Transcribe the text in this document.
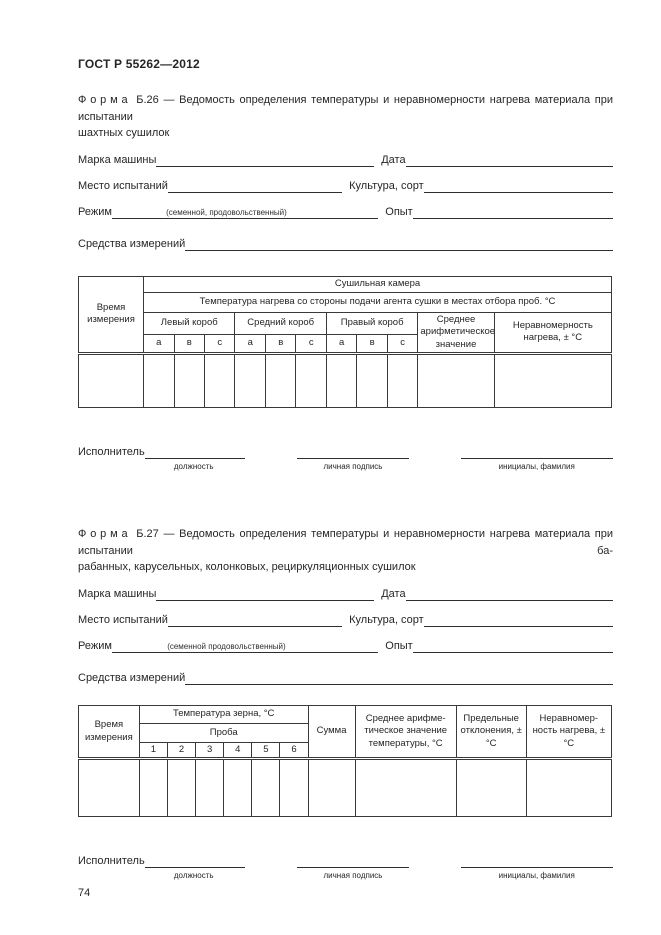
ГОСТ Р 55262—2012
Форма Б.26 — Ведомость определения температуры и неравномерности нагрева материала при испытании
шахтных сушилок
Марка машины	Дата
Место испытаний	Культура, сорт
Режим	(семенной, продовольственный)	Опыт
Средства измерений
Время измерения	Сушильная камера										
	Температура нагрева со стороны подачи агента сушки в местах отбора проб. °С										
	Левый короб			Средний короб			Правый короб			Среднее арифметическое значение	Неравномерность нагрева, ± °С
	а	в	с	а	в	с	а	в	с		

Исполнитель
должность	личная подпись	инициалы, фамилия
Форма Б.27 — Ведомость определения температуры и неравномерности нагрева материала при испытании ба-
рабанных, карусельных, колонковых, рециркуляционных сушилок
Марка машины	Дата
Место испытаний	Культура, сорт
Режим	(семенной продовольственный)	Опыт
Средства измерений
Время измерения	Температура зерна, °С						Сумма	Среднее арифме-тическое значение температуры, °С	Предельные отклонения, ± °С	Неравномер-ность нагрева, ± °С
	Проба									
	1	2	3	4	5	6				

Исполнитель
должность	личная подпись	инициалы, фамилия
74
